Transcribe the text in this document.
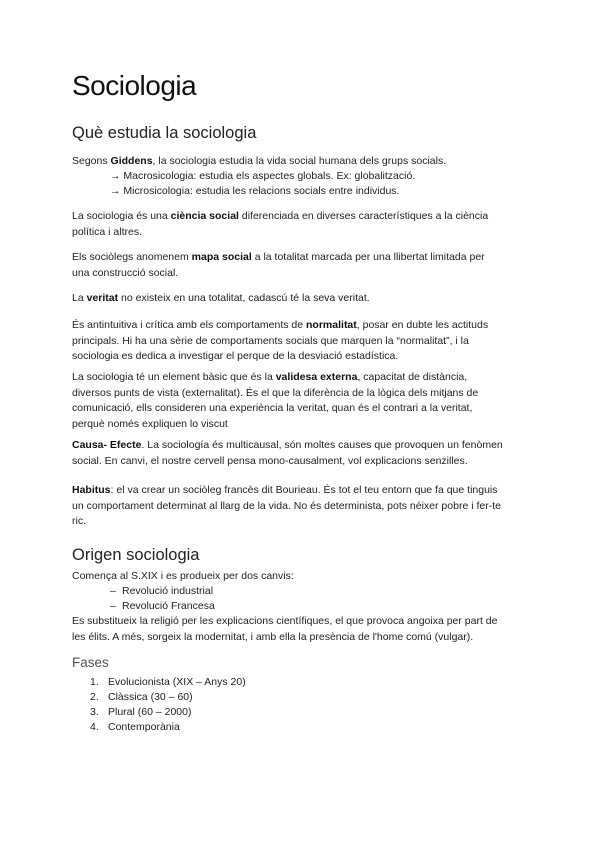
Sociologia
Què estudia la sociologia

Segons Giddens, la sociologia estudia la vida social humana dels grups socials.

→ Macrosicologia: estudia els aspectes globals. Ex: globalització.

→ Microsicologia: estudia les relacions socials entre individus.

La sociologia és una ciència social diferenciada en diverses característiques a la ciència
política i altres.

Els sociòlegs anomenem mapa social a la totalitat marcada per una llibertat limitada per
una construcció social.

La veritat no existeix en una totalitat, cadascú té la seva veritat.

És antintuitiva i crítica amb els comportaments de normalitat, posar en dubte les actituds
principals. Hi ha una sèrie de comportaments socials que marquen la “normalitat”, i la
sociologia es dedica a investigar el perque de la desviació estadística.

La sociologia té un element bàsic que és la validesa externa, capacitat de distància,
diversos punts de vista (externalitat). És el que la diferència de la lògica dels mitjans de
comunicació, ells consideren una experiència la veritat, quan és el contrari a la veritat,
perquè només expliquen lo viscut

Causa- Efecte. La sociología és multicausal, són moltes causes que provoquen un fenòmen
social. En canvi, el nostre cervell pensa mono-causalment, vol explicacions senzilles.

Habitus: el va crear un sociòleg francès dit Bourieau. És tot el teu entorn que fa que tinguis
un comportament determinat al llarg de la vida. No és determinista, pots néixer pobre i fer-te
ric.

Origen sociologia

Comença al S.XIX i es produeix per dos canvis:

– Revolució industrial

– Revolució Francesa

Es substitueix la religió per les explicacions científiques, el que provoca angoixa per part de
les élits. A més, sorgeix la modernitat, i amb ella la presència de l'home comú (vulgar).

Fases

1. Evolucionista (XIX – Anys 20)

2. Clàssica (30 – 60)

3. Plural (60 – 2000)

4. Contemporània
